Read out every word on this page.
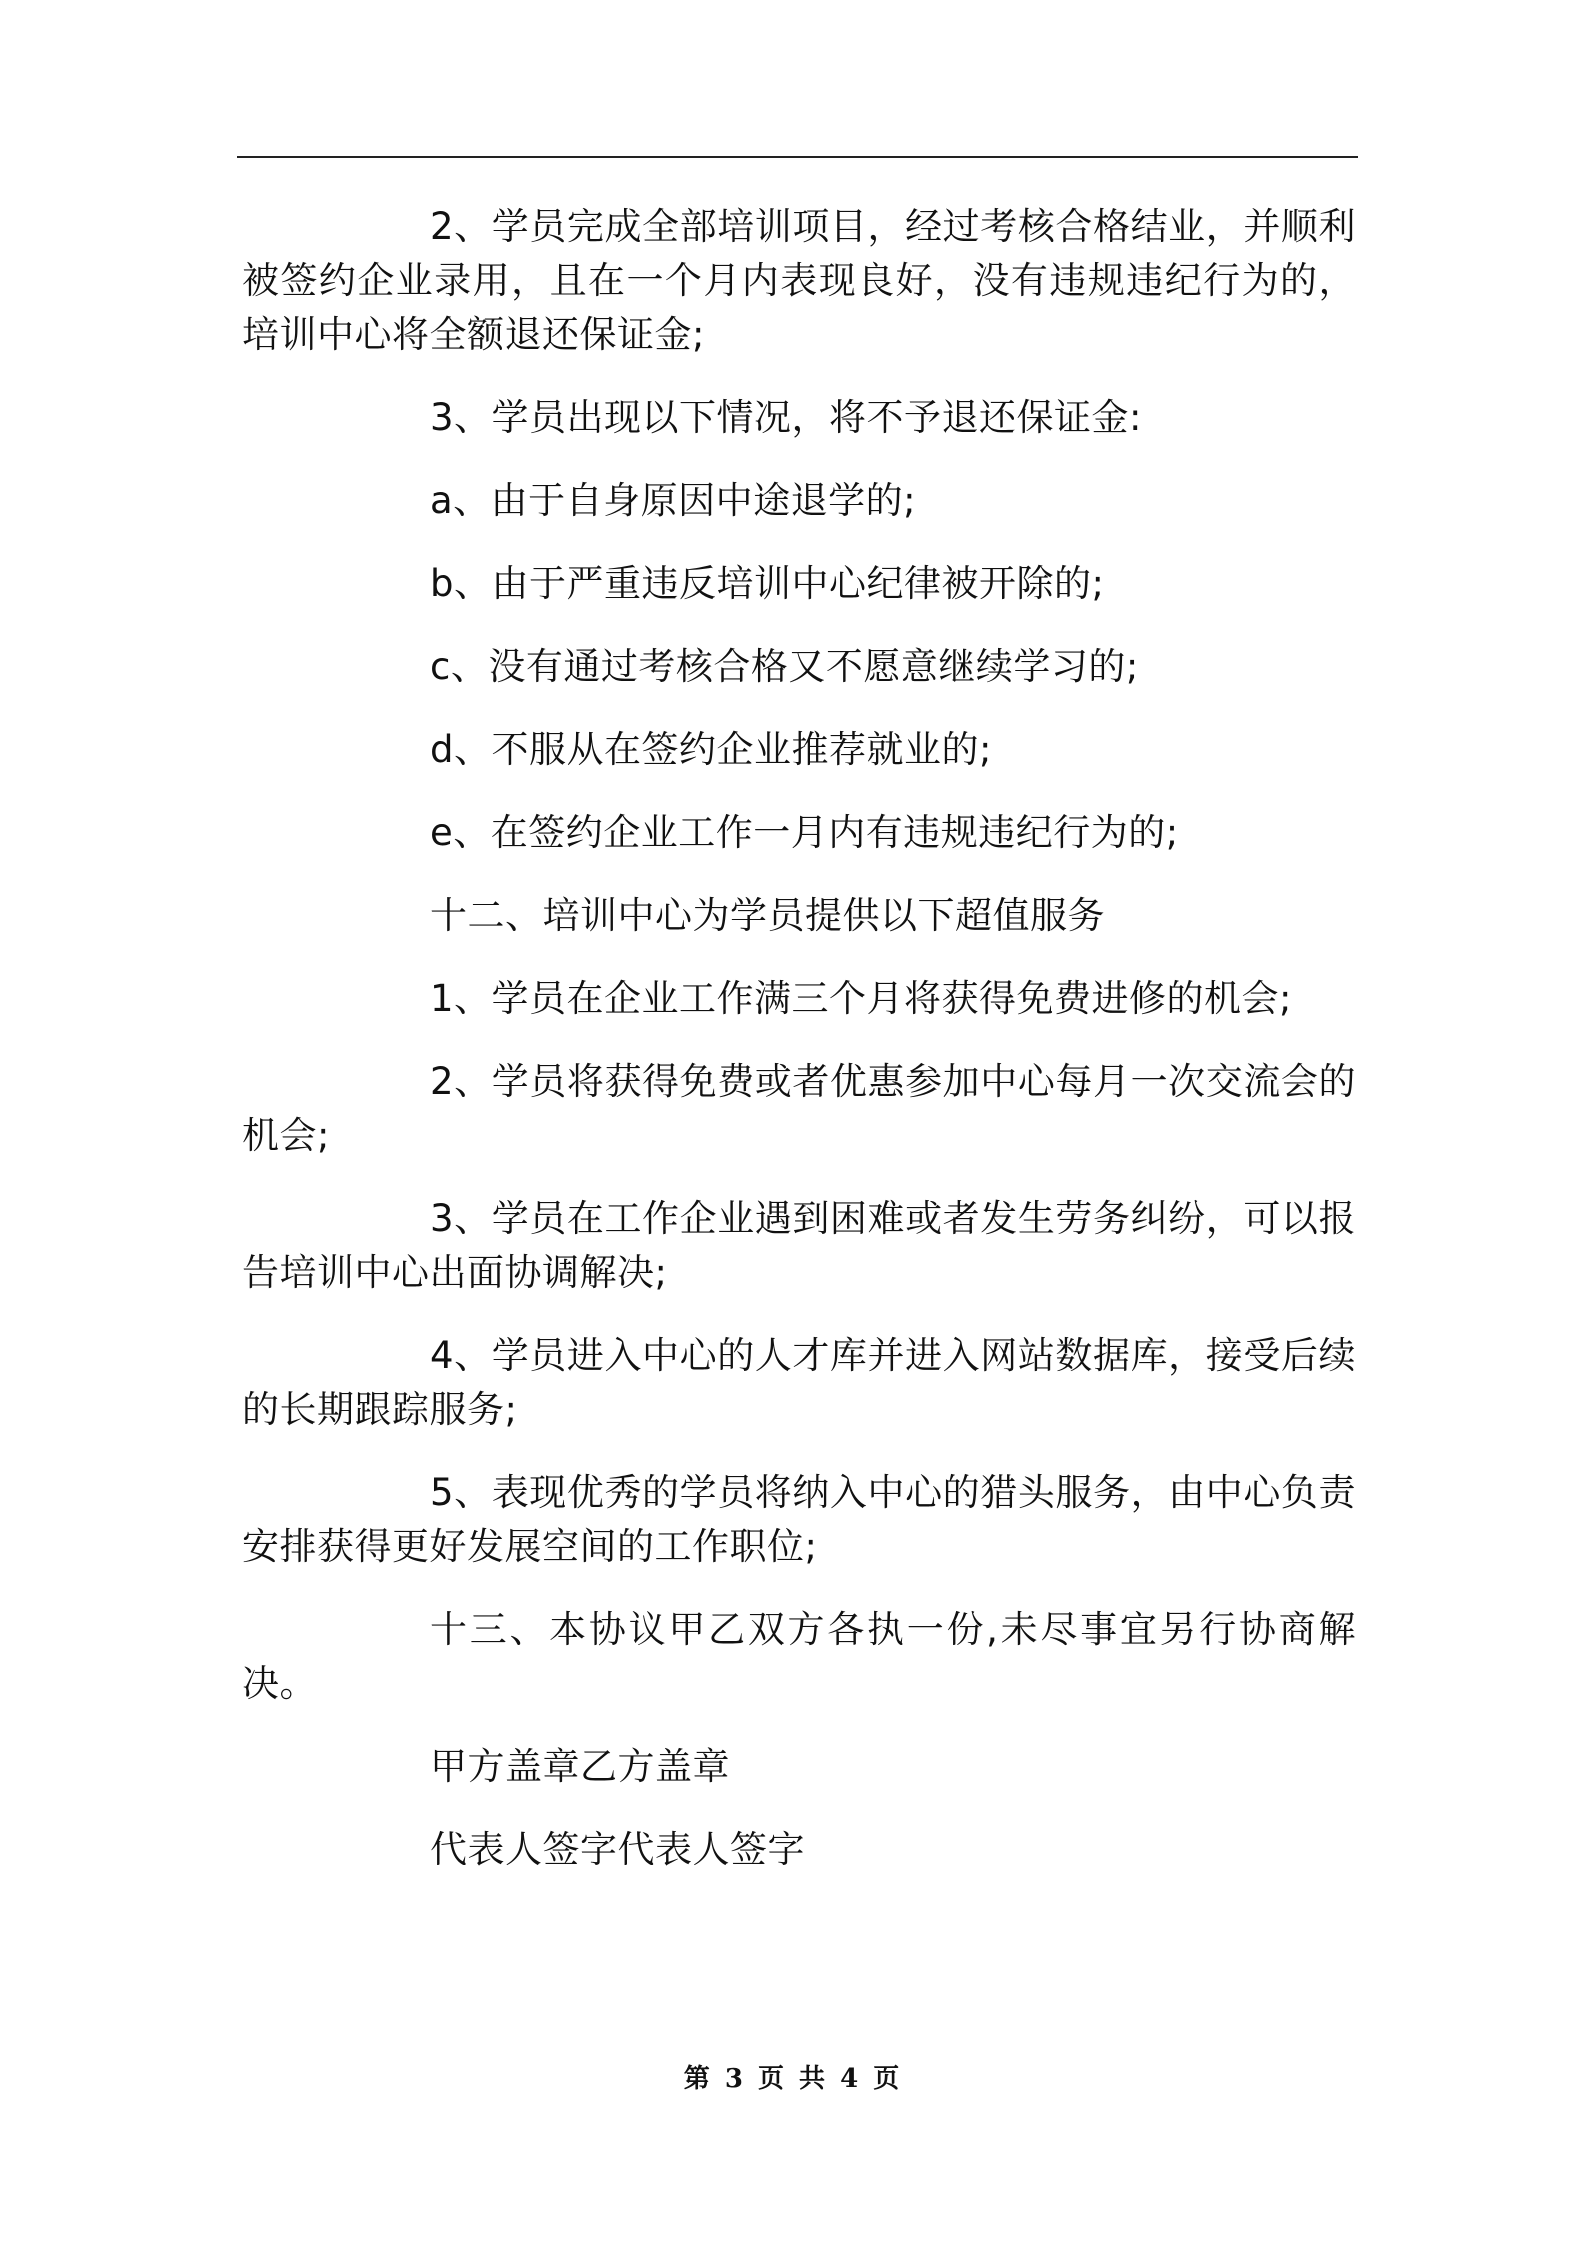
2、学员完成全部培训项目，经过考核合格结业，并顺利被签约企业录用，且在一个月内表现良好，没有违规违纪行为的，培训中心将全额退还保证金;

3、学员出现以下情况，将不予退还保证金:

a、由于自身原因中途退学的;

b、由于严重违反培训中心纪律被开除的;

c、没有通过考核合格又不愿意继续学习的;

d、不服从在签约企业推荐就业的;

e、在签约企业工作一月内有违规违纪行为的;

十二、培训中心为学员提供以下超值服务

1、学员在企业工作满三个月将获得免费进修的机会;

2、学员将获得免费或者优惠参加中心每月一次交流会的机会;

3、学员在工作企业遇到困难或者发生劳务纠纷，可以报告培训中心出面协调解决;

4、学员进入中心的人才库并进入网站数据库，接受后续的长期跟踪服务;

5、表现优秀的学员将纳入中心的猎头服务，由中心负责安排获得更好发展空间的工作职位;

十三、本协议甲乙双方各执一份,未尽事宜另行协商解决。

甲方盖章乙方盖章

代表人签字代表人签字

第 3 页 共 4 页
